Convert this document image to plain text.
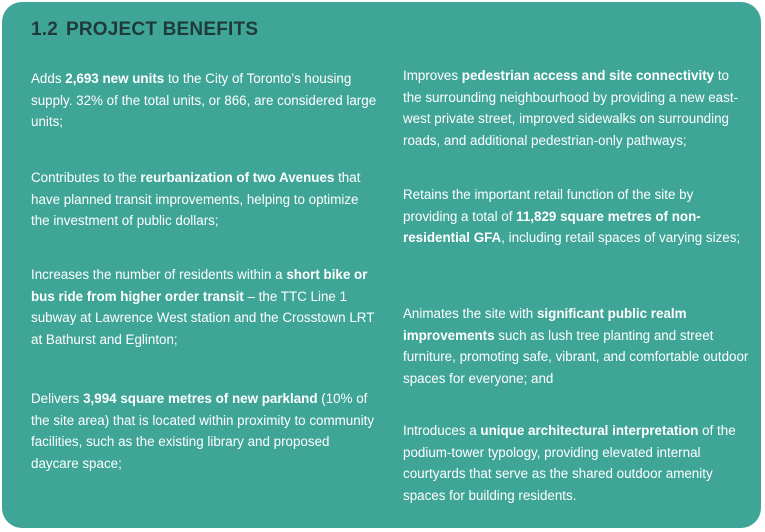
1.2 PROJECT BENEFITS
Adds 2,693 new units to the City of Toronto’s housing supply. 32% of the total units, or 866, are considered large units;
Contributes to the reurbanization of two Avenues that have planned transit improvements, helping to optimize the investment of public dollars;
Increases the number of residents within a short bike or bus ride from higher order transit – the TTC Line 1 subway at Lawrence West station and the Crosstown LRT at Bathurst and Eglinton;
Delivers 3,994 square metres of new parkland (10% of the site area) that is located within proximity to community facilities, such as the existing library and proposed daycare space;
Improves pedestrian access and site connectivity to the surrounding neighbourhood by providing a new east-west private street, improved sidewalks on surrounding roads, and additional pedestrian-only pathways;
Retains the important retail function of the site by providing a total of 11,829 square metres of non-residential GFA, including retail spaces of varying sizes;
Animates the site with significant public realm improvements such as lush tree planting and street furniture, promoting safe, vibrant, and comfortable outdoor spaces for everyone; and
Introduces a unique architectural interpretation of the podium-tower typology, providing elevated internal courtyards that serve as the shared outdoor amenity spaces for building residents.
